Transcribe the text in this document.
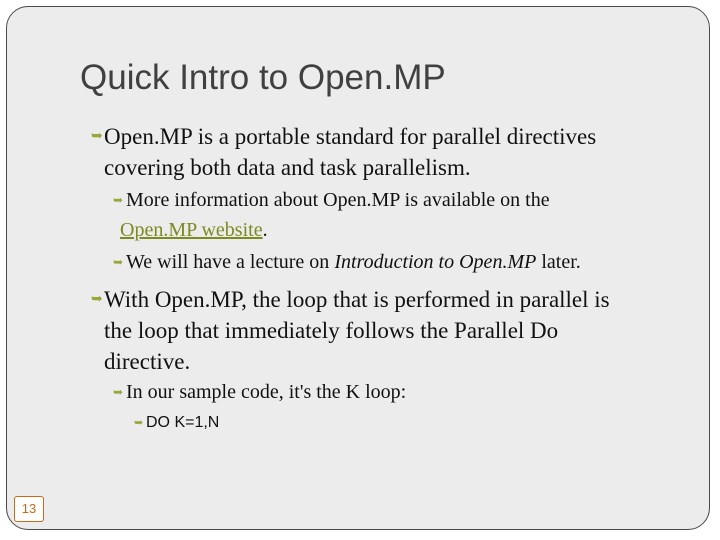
Quick Intro to Open.MP
➥ Open.MP is a portable standard for parallel directives
covering both data and task parallelism.
➥ More information about Open.MP is available on the
Open.MP website.
➥ We will have a lecture on Introduction to Open.MP later.
➥ With Open.MP, the loop that is performed in parallel is
the loop that immediately follows the Parallel Do
directive.
➥ In our sample code, it's the K loop:
➥ DO K=1,N
13
